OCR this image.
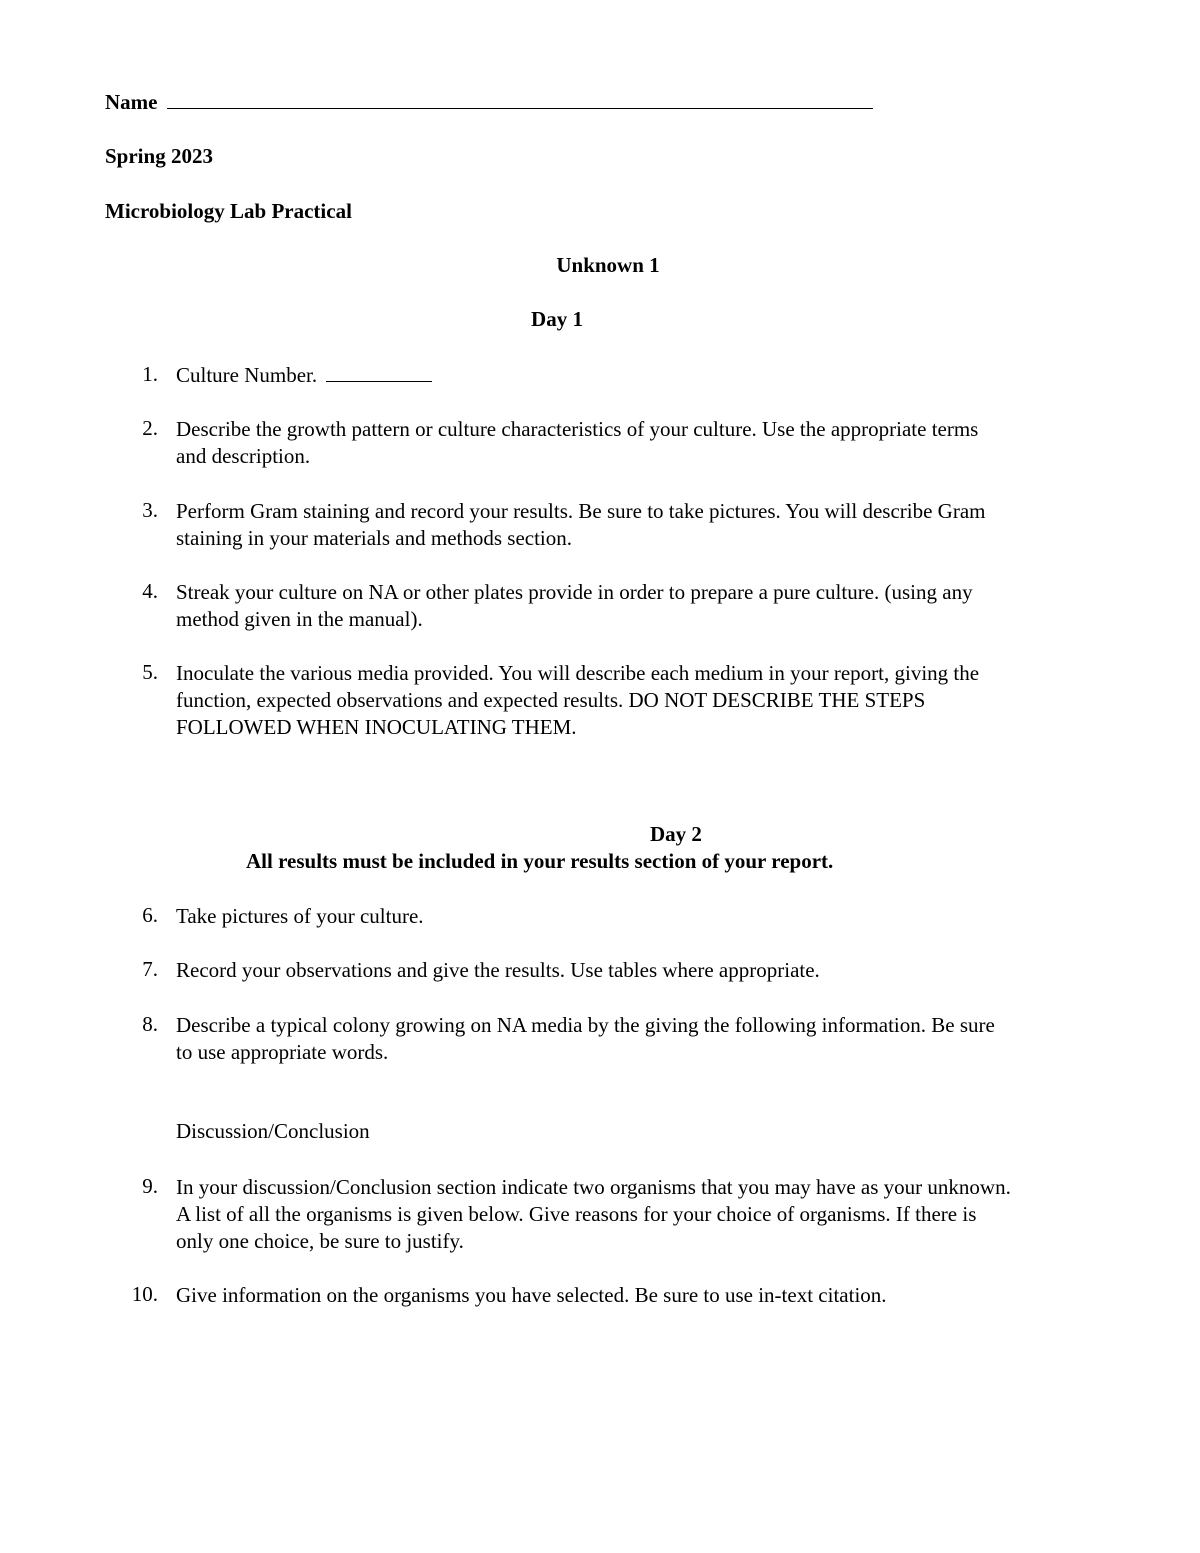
Name
Spring 2023
Microbiology Lab Practical
Unknown 1
Day 1
1. Culture Number.
2. Describe the growth pattern or culture characteristics of your culture. Use the appropriate terms
and description.
3. Perform Gram staining and record your results. Be sure to take pictures. You will describe Gram
staining in your materials and methods section.
4. Streak your culture on NA or other plates provide in order to prepare a pure culture. (using any
method given in the manual).
5. Inoculate the various media provided. You will describe each medium in your report, giving the
function, expected observations and expected results. DO NOT DESCRIBE THE STEPS
FOLLOWED WHEN INOCULATING THEM.
Day 2
All results must be included in your results section of your report.
6. Take pictures of your culture.
7. Record your observations and give the results. Use tables where appropriate.
8. Describe a typical colony growing on NA media by the giving the following information. Be sure
to use appropriate words.
Discussion/Conclusion
9. In your discussion/Conclusion section indicate two organisms that you may have as your unknown.
A list of all the organisms is given below. Give reasons for your choice of organisms. If there is
only one choice, be sure to justify.
10. Give information on the organisms you have selected. Be sure to use in-text citation.
